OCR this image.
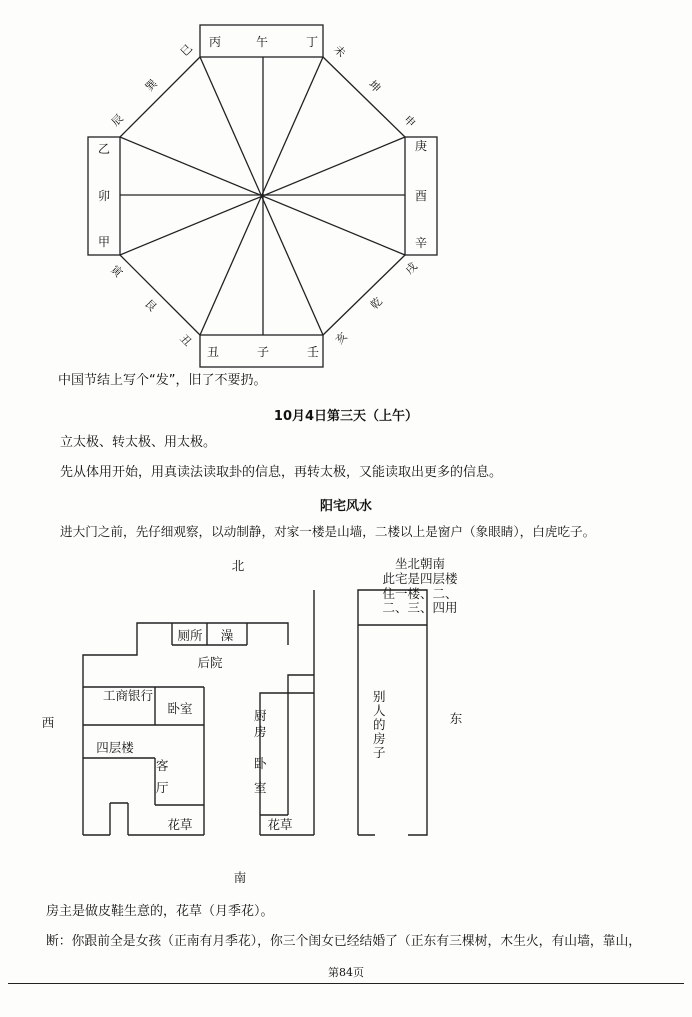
丙	午	丁
丑	子	壬
乙
卯
甲
庚
酉
辛
巳
巽
辰
未
坤
申
寅
艮
丑
戌
乾
亥
中国节结上写个“发”，旧了不要扔。
10月4日第三天（上午）
立太极、转太极、用太极。
先从体用开始，用真读法读取卦的信息，再转太极，又能读取出更多的信息。
阳宅风水
进大门之前，先仔细观察，以动制静，对家一楼是山墙，二楼以上是窗户（象眼睛），白虎吃子。
北
南
西	东
厕所 澡
后院
工商银行
卧室
四层楼
花草	花草
坐北朝南
此宅是四层楼
住一楼、二、
二、三、四用
客厅
厨房
卧室
别人的房子
房主是做皮鞋生意的，花草（月季花）。
断：你跟前全是女孩（正南有月季花），你三个闺女已经结婚了（正东有三棵树，木生火，有山墙，靠山，
第84页
